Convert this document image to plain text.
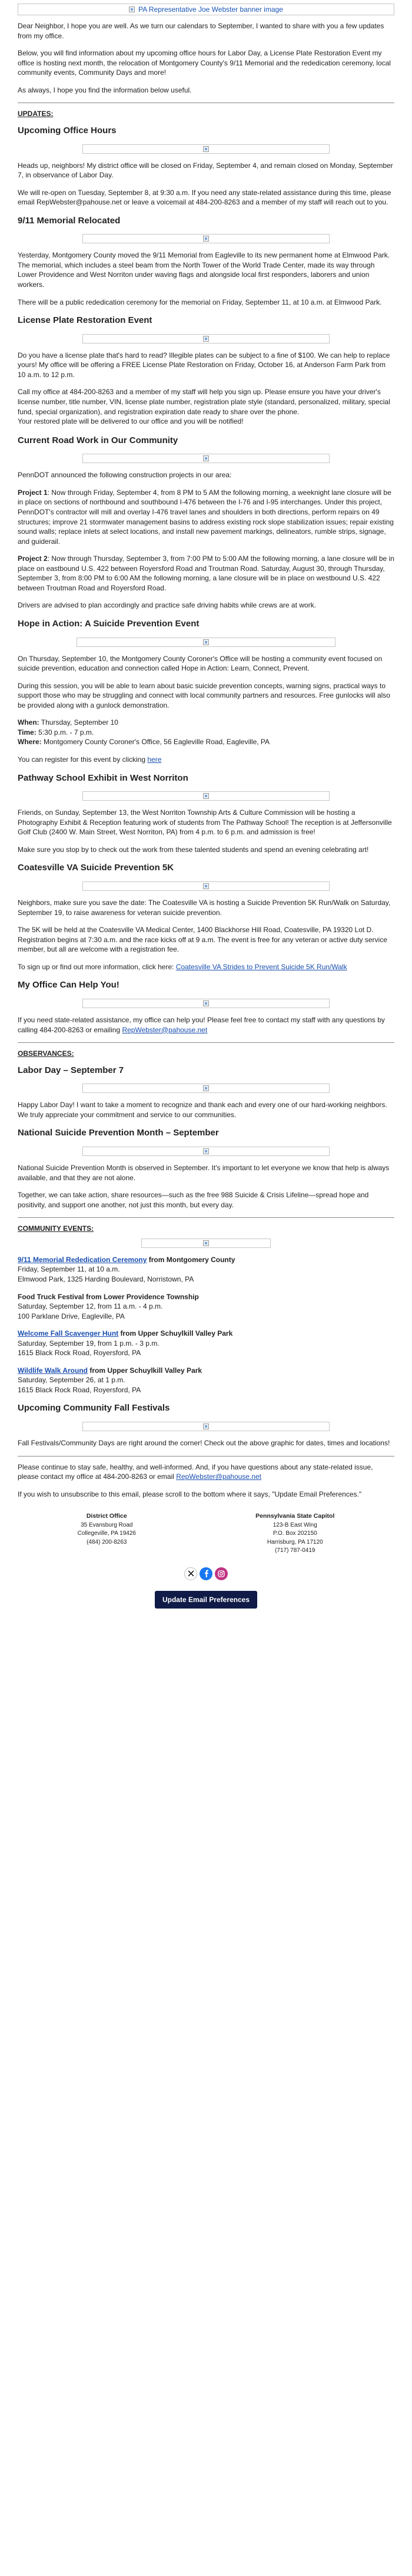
PA Representative Joe Webster banner image

Dear Neighbor, I hope you are well. As we turn our calendars to September, I wanted to share with you a few updates from my office.

Below, you will find information about my upcoming office hours for Labor Day, a License Plate Restoration Event my office is hosting next month, the relocation of Montgomery County's 9/11 Memorial and the rededication ceremony, local community events, Community Days and more!

As always, I hope you find the information below useful.

UPDATES:
Upcoming Office Hours

Heads up, neighbors! My district office will be closed on Friday, September 4, and remain closed on Monday, September 7, in observance of Labor Day.

We will re-open on Tuesday, September 8, at 9:30 a.m. If you need any state-related assistance during this time, please email RepWebster@pahouse.net or leave a voicemail at 484-200-8263 and a member of my staff will reach out to you.

9/11 Memorial Relocated

Yesterday, Montgomery County moved the 9/11 Memorial from Eagleville to its new permanent home at Elmwood Park. The memorial, which includes a steel beam from the North Tower of the World Trade Center, made its way through Lower Providence and West Norriton under waving flags and alongside local first responders, laborers and union workers.

There will be a public rededication ceremony for the memorial on Friday, September 11, at 10 a.m. at Elmwood Park.

License Plate Restoration Event

Do you have a license plate that's hard to read? Illegible plates can be subject to a fine of $100. We can help to replace yours! My office will be offering a FREE License Plate Restoration on Friday, October 16, at Anderson Farm Park from 10 a.m. to 12 p.m.

Call my office at 484-200-8263 and a member of my staff will help you sign up. Please ensure you have your driver's license number, title number, VIN, license plate number, registration plate style (standard, personalized, military, special fund, special organization), and registration expiration date ready to share over the phone.

Your restored plate will be delivered to our office and you will be notified!

Current Road Work in Our Community

PennDOT announced the following construction projects in our area:

Project 1: Now through Friday, September 4, from 8 PM to 5 AM the following morning, a weeknight lane closure will be in place on sections of northbound and southbound I-476 between the I-76 and I-95 interchanges. Under this project, PennDOT's contractor will mill and overlay I-476 travel lanes and shoulders in both directions, perform repairs on 49 structures; improve 21 stormwater management basins to address existing rock slope stabilization issues; repair existing sound walls; replace inlets at select locations, and install new pavement markings, delineators, rumble strips, signage, and guiderail.

Project 2: Now through Thursday, September 3, from 7:00 PM to 5:00 AM the following morning, a lane closure will be in place on eastbound U.S. 422 between Royersford Road and Troutman Road. Saturday, August 30, through Thursday, September 3, from 8:00 PM to 6:00 AM the following morning, a lane closure will be in place on westbound U.S. 422 between Troutman Road and Royersford Road.

Drivers are advised to plan accordingly and practice safe driving habits while crews are at work.

Hope in Action: A Suicide Prevention Event

On Thursday, September 10, the Montgomery County Coroner's Office will be hosting a community event focused on suicide prevention, education and connection called Hope in Action: Learn, Connect, Prevent.

During this session, you will be able to learn about basic suicide prevention concepts, warning signs, practical ways to support those who may be struggling and connect with local community partners and resources. Free gunlocks will also be provided along with a gunlock demonstration.

When: Thursday, September 10
Time: 5:30 p.m. - 7 p.m.
Where: Montgomery County Coroner's Office, 56 Eagleville Road, Eagleville, PA

You can register for this event by clicking here

Pathway School Exhibit in West Norriton

Friends, on Sunday, September 13, the West Norriton Township Arts & Culture Commission will be hosting a Photography Exhibit & Reception featuring work of students from The Pathway School! The reception is at Jeffersonville Golf Club (2400 W. Main Street, West Norriton, PA) from 4 p.m. to 6 p.m. and admission is free!

Make sure you stop by to check out the work from these talented students and spend an evening celebrating art!

Coatesville VA Suicide Prevention 5K

Neighbors, make sure you save the date: The Coatesville VA is hosting a Suicide Prevention 5K Run/Walk on Saturday, September 19, to raise awareness for veteran suicide prevention.

The 5K will be held at the Coatesville VA Medical Center, 1400 Blackhorse Hill Road, Coatesville, PA 19320 Lot D. Registration begins at 7:30 a.m. and the race kicks off at 9 a.m. The event is free for any veteran or active duty service member, but all are welcome with a registration fee.

To sign up or find out more information, click here: Coatesville VA Strides to Prevent Suicide 5K Run/Walk

My Office Can Help You!

If you need state-related assistance, my office can help you! Please feel free to contact my staff with any questions by calling 484-200-8263 or emailing RepWebster@pahouse.net

OBSERVANCES:
Labor Day – September 7

Happy Labor Day! I want to take a moment to recognize and thank each and every one of our hard-working neighbors. We truly appreciate your commitment and service to our communities.

National Suicide Prevention Month – September

National Suicide Prevention Month is observed in September. It's important to let everyone we know that help is always available, and that they are not alone.

Together, we can take action, share resources—such as the free 988 Suicide & Crisis Lifeline—spread hope and positivity, and support one another, not just this month, but every day.

COMMUNITY EVENTS:

9/11 Memorial Rededication Ceremony from Montgomery County
Friday, September 11, at 10 a.m.
Elmwood Park, 1325 Harding Boulevard, Norristown, PA

Food Truck Festival from Lower Providence Township
Saturday, September 12, from 11 a.m. - 4 p.m.
100 Parklane Drive, Eagleville, PA

Welcome Fall Scavenger Hunt from Upper Schuylkill Valley Park
Saturday, September 19, from 1 p.m. - 3 p.m.
1615 Black Rock Road, Royersford, PA

Wildlife Walk Around from Upper Schuylkill Valley Park
Saturday, September 26, at 1 p.m.
1615 Black Rock Road, Royersford, PA

Upcoming Community Fall Festivals

Fall Festivals/Community Days are right around the corner! Check out the above graphic for dates, times and locations!

Please continue to stay safe, healthy, and well-informed. And, if you have questions about any state-related issue, please contact my office at 484-200-8263 or email RepWebster@pahouse.net

If you wish to unsubscribe to this email, please scroll to the bottom where it says, "Update Email Preferences."

District Office
35 Evansburg Road
Collegeville, PA 19426
(484) 200-8263
Pennsylvania State Capitol
123-B East Wing
P.O. Box 202150
Harrisburg, PA 17120
(717) 787-0419
Update Email Preferences
